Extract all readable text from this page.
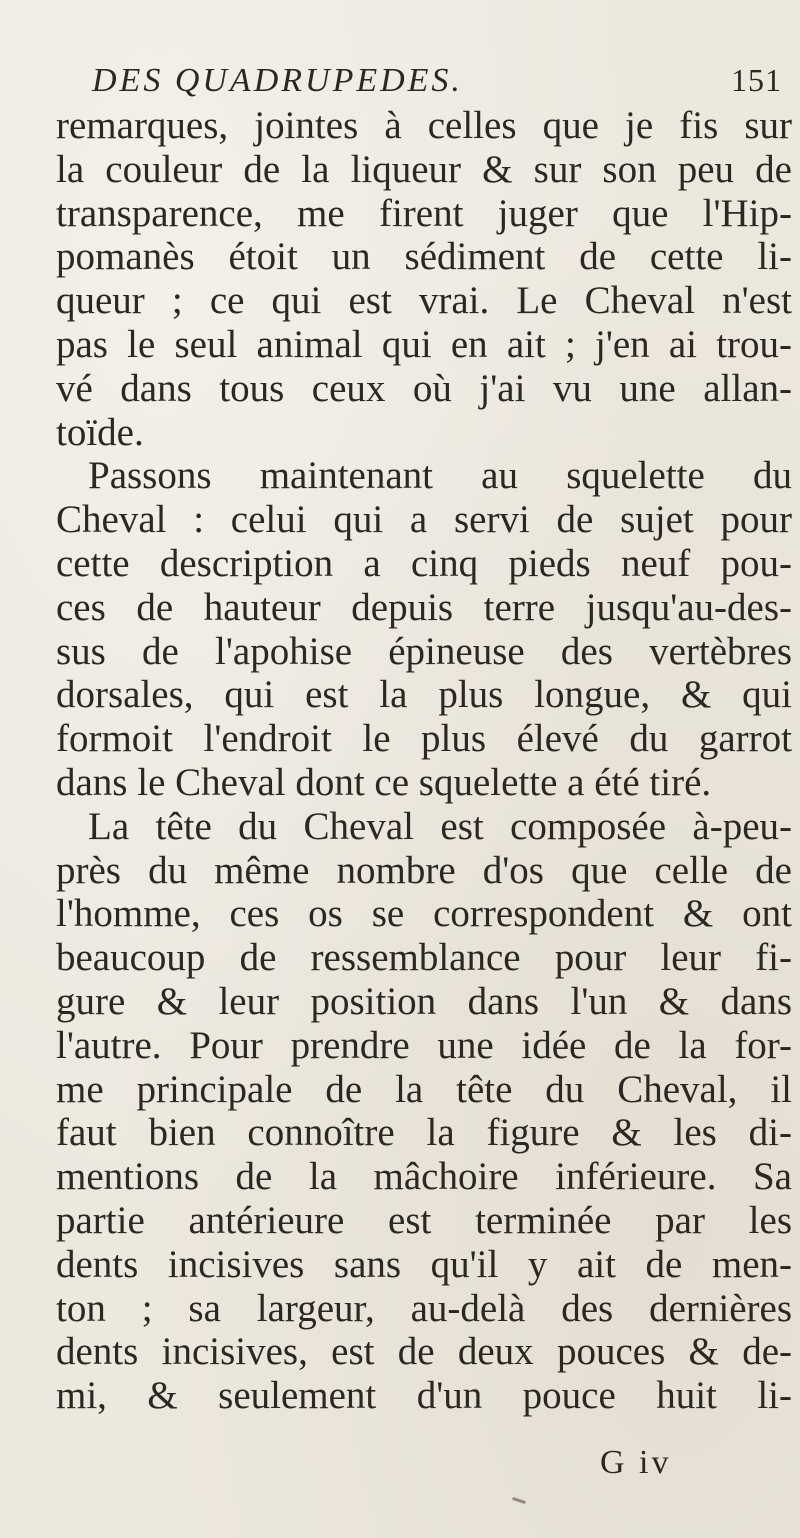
DES QUADRUPEDES.	151
remarques, jointes à celles que je fis sur
la couleur de la liqueur & sur son peu de
transparence, me firent juger que l'Hip-
pomanès étoit un sédiment de cette li-
queur ; ce qui est vrai. Le Cheval n'est
pas le seul animal qui en ait ; j'en ai trou-
vé dans tous ceux où j'ai vu une allan-
toïde.
Passons maintenant au squelette du
Cheval : celui qui a servi de sujet pour
cette description a cinq pieds neuf pou-
ces de hauteur depuis terre jusqu'au-des-
sus de l'apohise épineuse des vertèbres
dorsales, qui est la plus longue, & qui
formoit l'endroit le plus élevé du garrot
dans le Cheval dont ce squelette a été tiré.
La tête du Cheval est composée à-peu-
près du même nombre d'os que celle de
l'homme, ces os se correspondent & ont
beaucoup de ressemblance pour leur fi-
gure & leur position dans l'un & dans
l'autre. Pour prendre une idée de la for-
me principale de la tête du Cheval, il
faut bien connoître la figure & les di-
mentions de la mâchoire inférieure. Sa
partie antérieure est terminée par les
dents incisives sans qu'il y ait de men-
ton ; sa largeur, au-delà des dernières
dents incisives, est de deux pouces & de-
mi, & seulement d'un pouce huit li-
G iv
